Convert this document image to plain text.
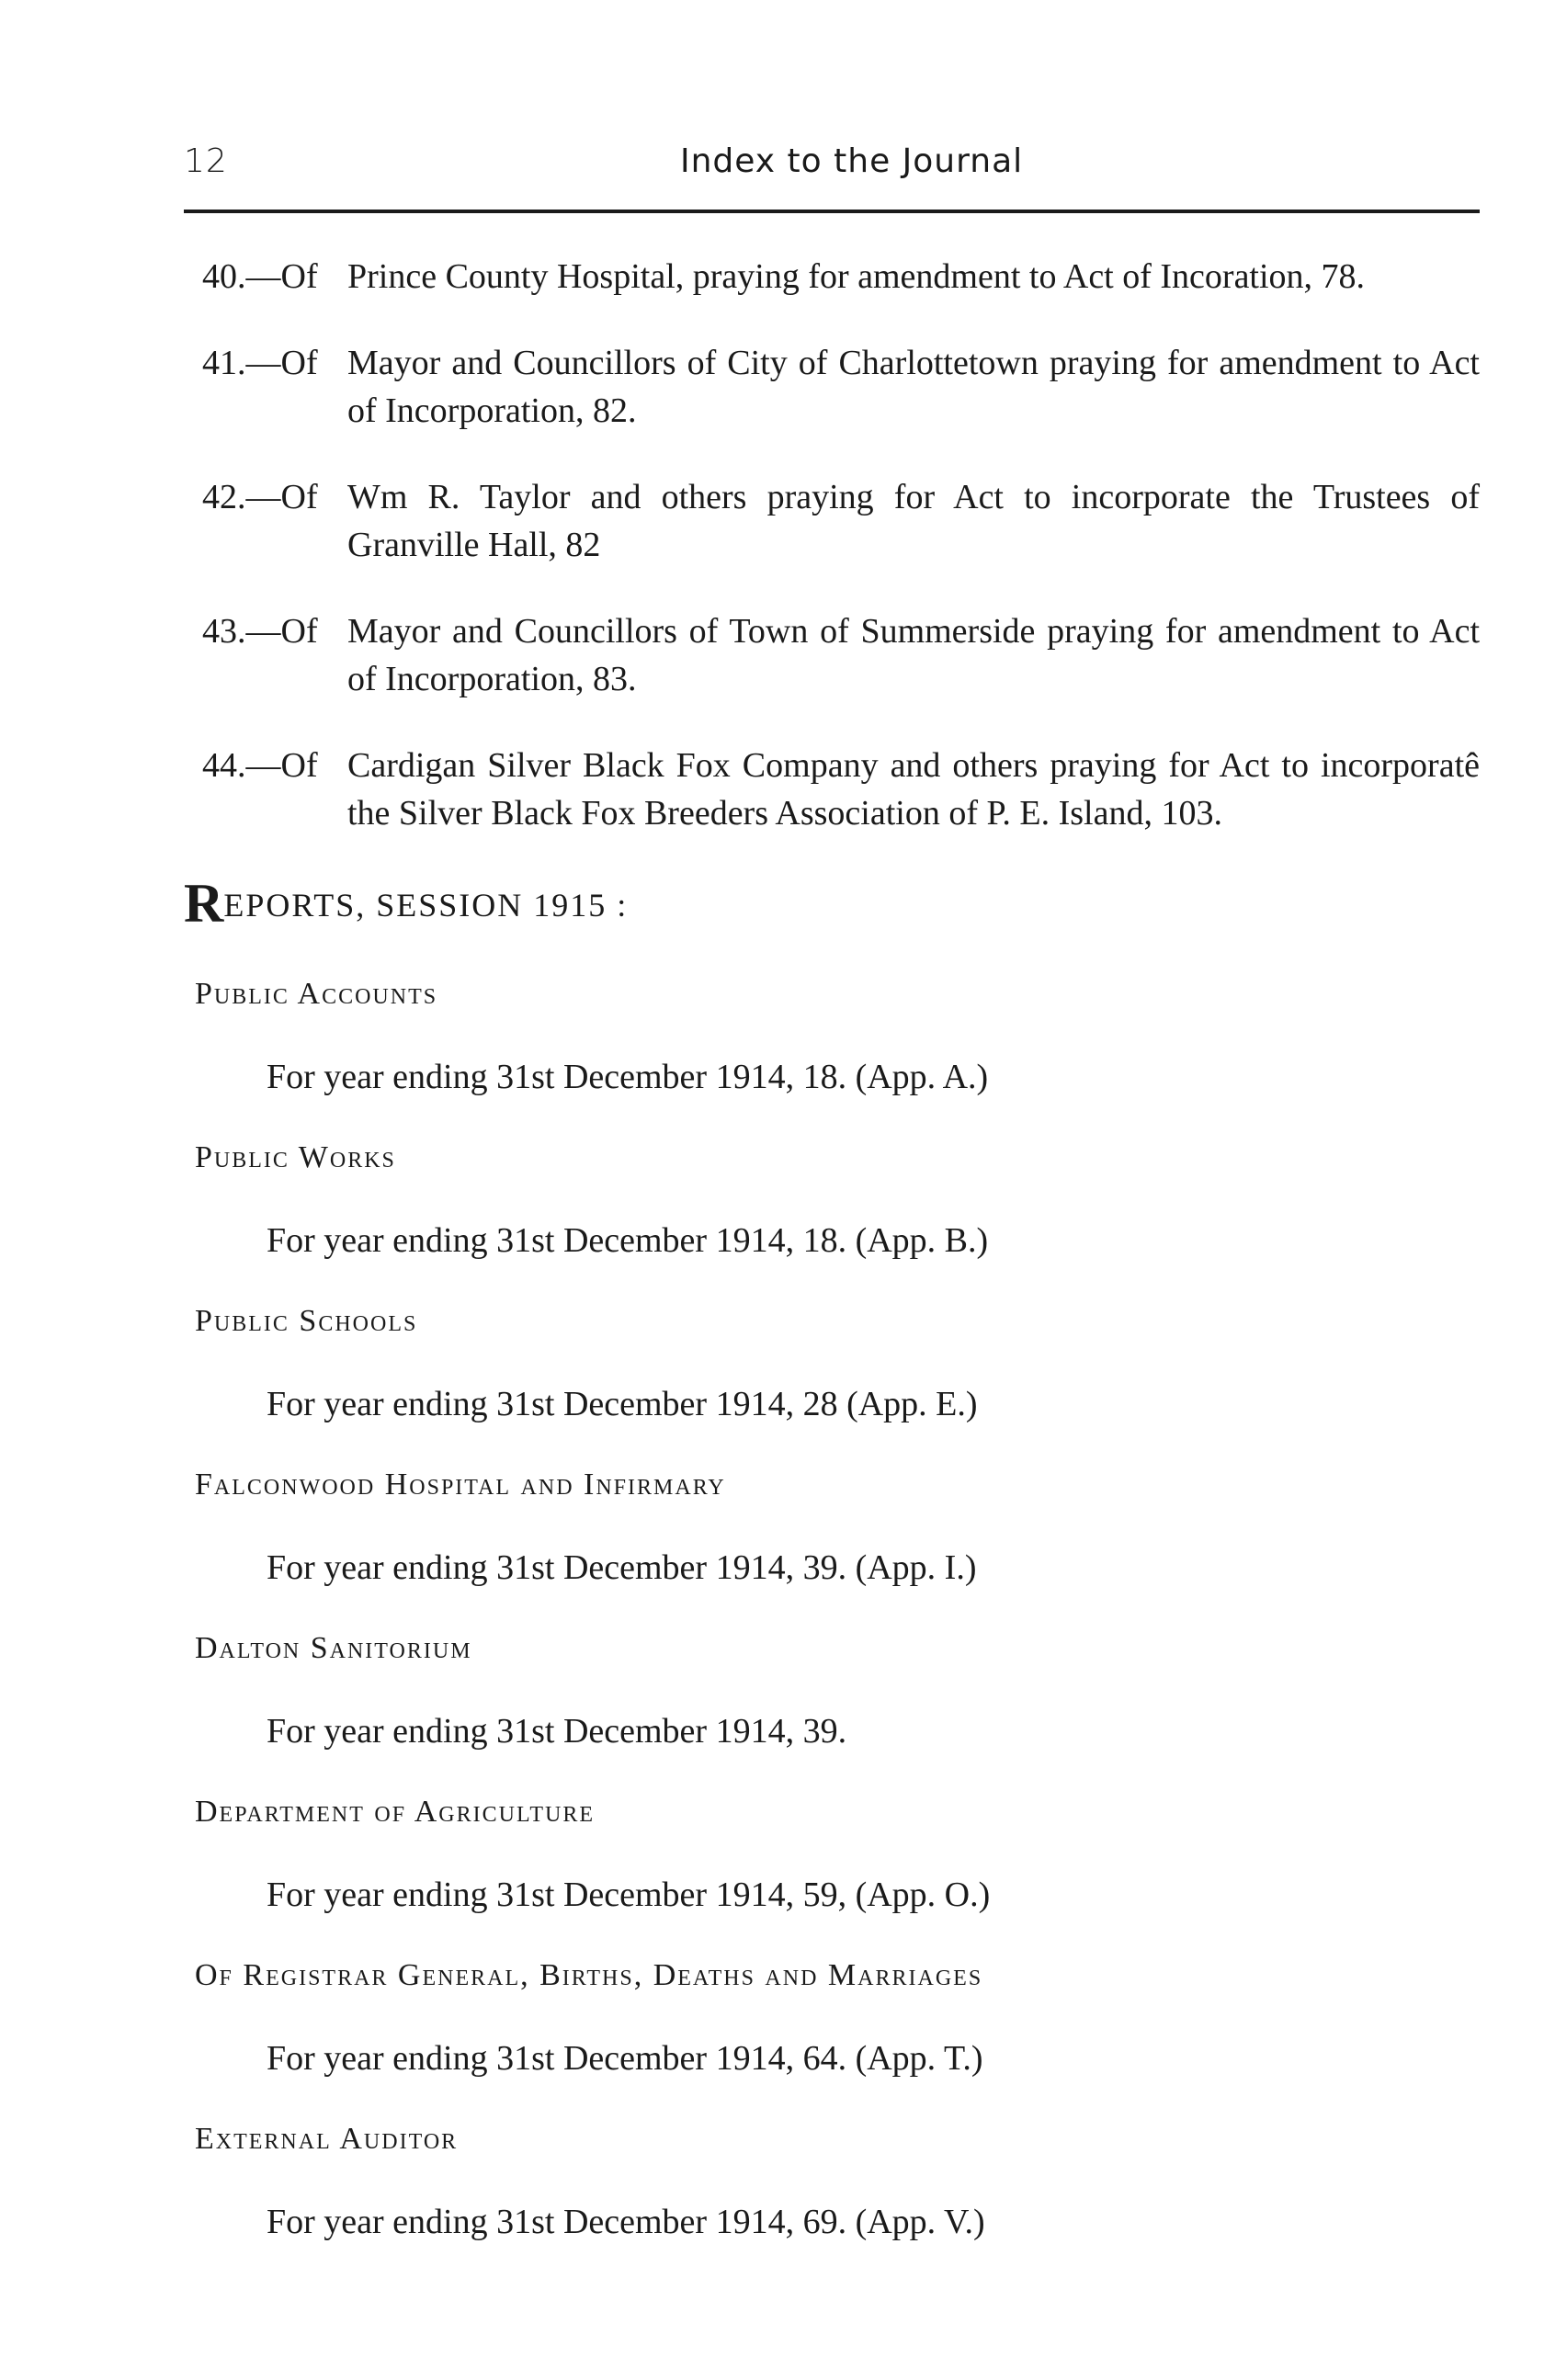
12	Index to the Journal
40.—Of Prince County Hospital, praying for amendment to Act of Incoration, 78.
41.—Of Mayor and Councillors of City of Charlottetown praying for amendment to Act of Incorporation, 82.
42.—Of Wm R. Taylor and others praying for Act to incorporate the Trustees of Granville Hall, 82
43.—Of Mayor and Councillors of Town of Summerside praying for amendment to Act of Incorporation, 83.
44.—Of Cardigan Silver Black Fox Company and others praying for Act to incorporatê the Silver Black Fox Breeders Association of P. E. Island, 103.
REPORTS, SESSION 1915 :
Public Accounts
For year ending 31st December 1914, 18. (App. A.)
Public Works
For year ending 31st December 1914, 18. (App. B.)
Public Schools
For year ending 31st December 1914, 28 (App. E.)
Falconwood Hospital and Infirmary
For year ending 31st December 1914, 39. (App. I.)
Dalton Sanitorium
For year ending 31st December 1914, 39.
Department of Agriculture
For year ending 31st December 1914, 59, (App. O.)
Of Registrar General, Births, Deaths and Marriages
For year ending 31st December 1914, 64. (App. T.)
External Auditor
For year ending 31st December 1914, 69. (App. V.)
